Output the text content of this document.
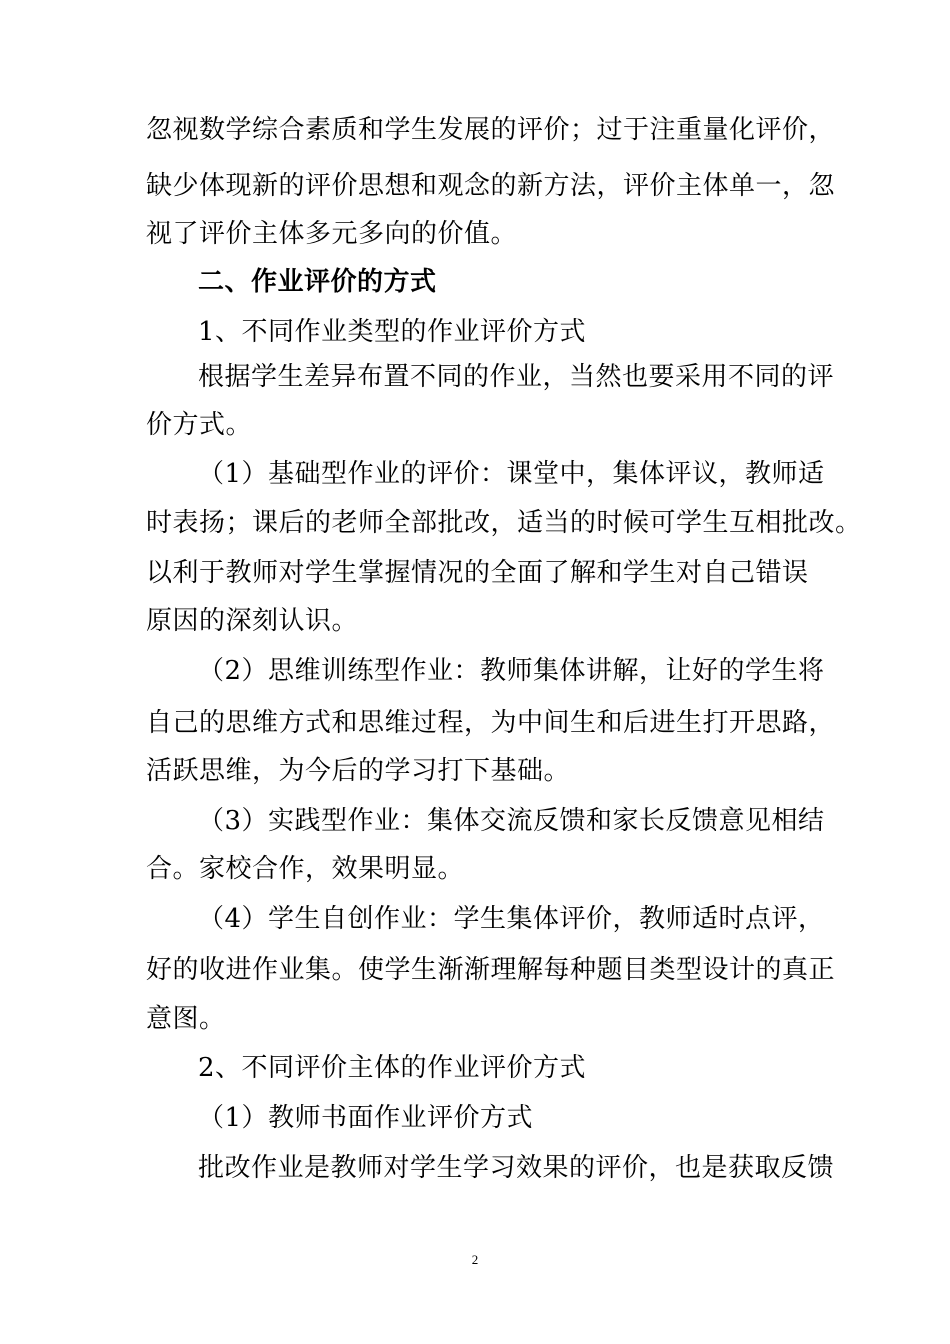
忽视数学综合素质和学生发展的评价；过于注重量化评价，
缺少体现新的评价思想和观念的新方法，评价主体单一，忽
视了评价主体多元多向的价值。
二、作业评价的方式
1、不同作业类型的作业评价方式
根据学生差异布置不同的作业，当然也要采用不同的评
价方式。
（1）基础型作业的评价：课堂中，集体评议，教师适
时表扬；课后的老师全部批改，适当的时候可学生互相批改。
以利于教师对学生掌握情况的全面了解和学生对自己错误
原因的深刻认识。
（2）思维训练型作业：教师集体讲解，让好的学生将
自己的思维方式和思维过程，为中间生和后进生打开思路，
活跃思维，为今后的学习打下基础。
（3）实践型作业：集体交流反馈和家长反馈意见相结
合。家校合作，效果明显。
（4）学生自创作业：学生集体评价，教师适时点评，
好的收进作业集。使学生渐渐理解每种题目类型设计的真正
意图。
2、不同评价主体的作业评价方式
（1）教师书面作业评价方式
批改作业是教师对学生学习效果的评价，也是获取反馈
2
